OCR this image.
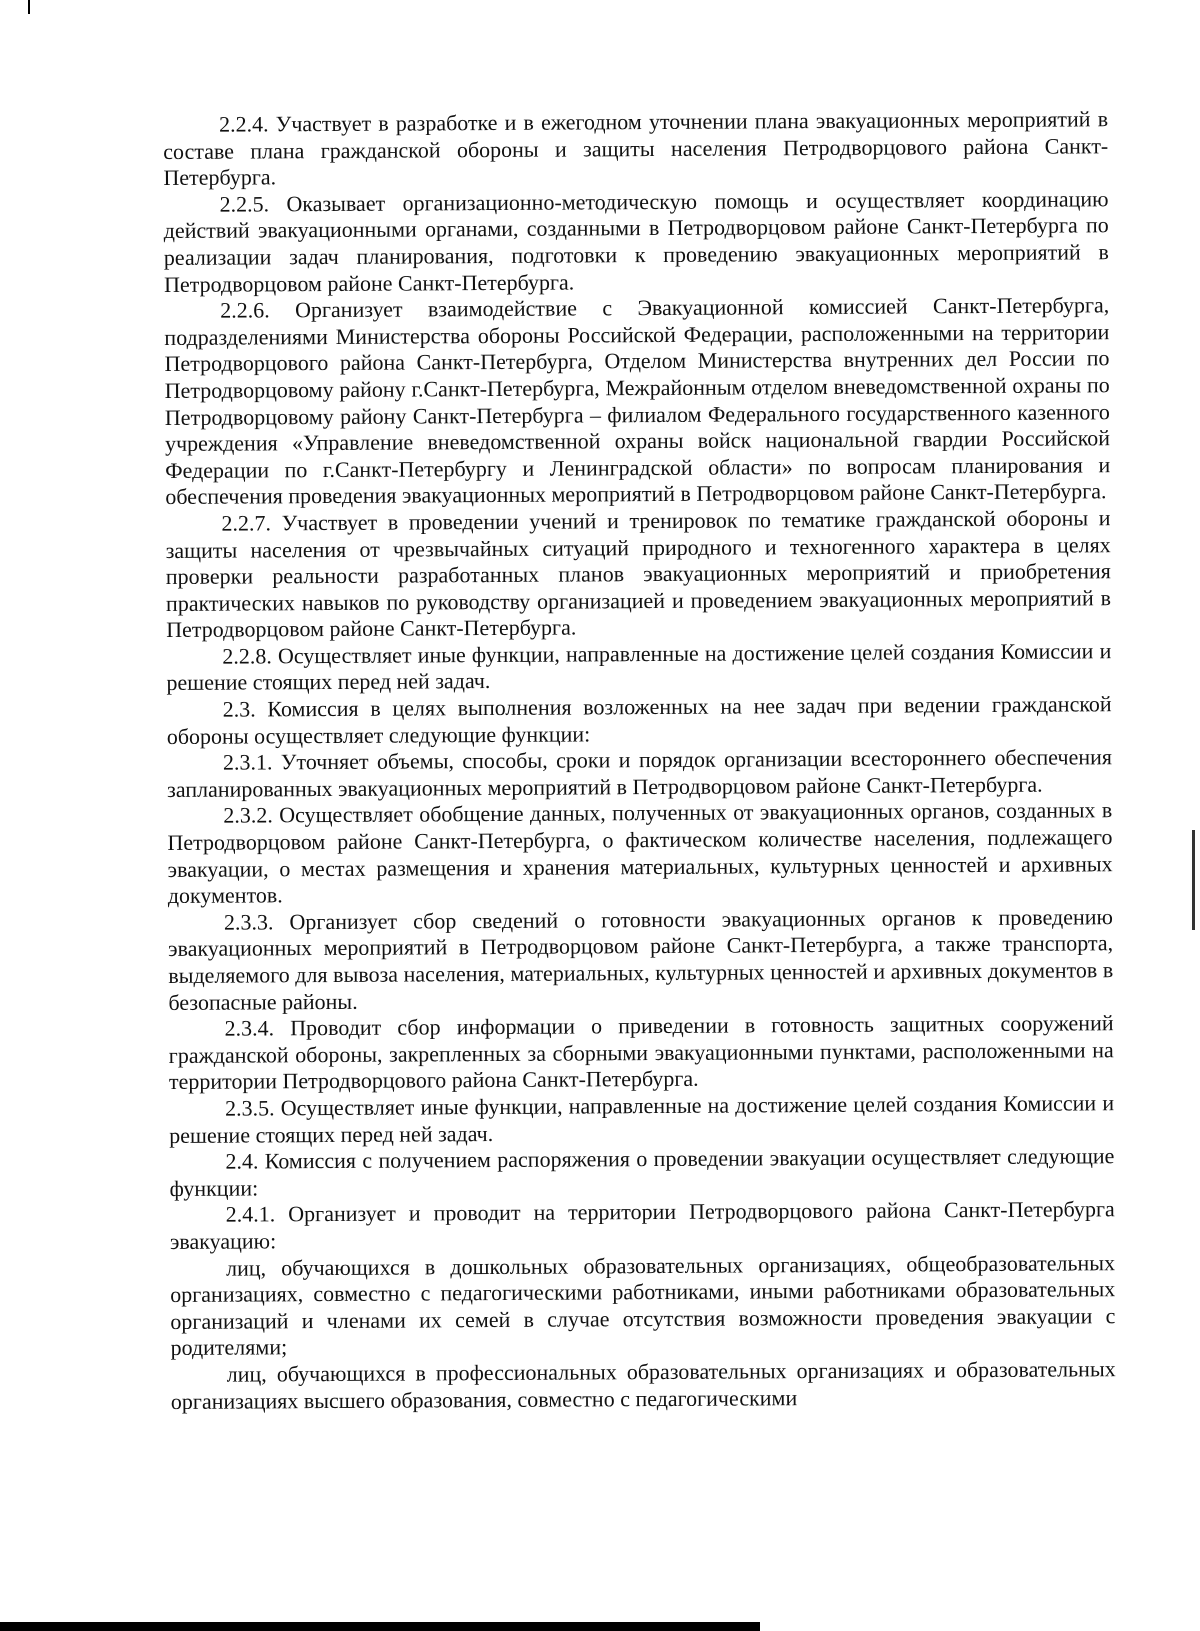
2.2.4. Участвует в разработке и в ежегодном уточнении плана эвакуационных мероприятий в составе плана гражданской обороны и защиты населения Петродворцового района Санкт-Петербурга.

2.2.5. Оказывает организационно-методическую помощь и осуществляет координацию действий эвакуационными органами, созданными в Петродворцовом районе Санкт-Петербурга по реализации задач планирования, подготовки к проведению эвакуационных мероприятий в Петродворцовом районе Санкт-Петербурга.

2.2.6. Организует взаимодействие с Эвакуационной комиссией Санкт-Петербурга, подразделениями Министерства обороны Российской Федерации, расположенными на территории Петродворцового района Санкт-Петербурга, Отделом Министерства внутренних дел России по Петродворцовому району г.Санкт-Петербурга, Межрайонным отделом вневедомственной охраны по Петродворцовому району Санкт-Петербурга – филиалом Федерального государственного казенного учреждения «Управление вневедомственной охраны войск национальной гвардии Российской Федерации по г.Санкт-Петербургу и Ленинградской области» по вопросам планирования и обеспечения проведения эвакуационных мероприятий в Петродворцовом районе Санкт-Петербурга.

2.2.7. Участвует в проведении учений и тренировок по тематике гражданской обороны и защиты населения от чрезвычайных ситуаций природного и техногенного характера в целях проверки реальности разработанных планов эвакуационных мероприятий и приобретения практических навыков по руководству организацией и проведением эвакуационных мероприятий в Петродворцовом районе Санкт-Петербурга.

2.2.8. Осуществляет иные функции, направленные на достижение целей создания Комиссии и решение стоящих перед ней задач.

2.3. Комиссия в целях выполнения возложенных на нее задач при ведении гражданской обороны осуществляет следующие функции:

2.3.1. Уточняет объемы, способы, сроки и порядок организации всестороннего обеспечения запланированных эвакуационных мероприятий в Петродворцовом районе Санкт-Петербурга.

2.3.2. Осуществляет обобщение данных, полученных от эвакуационных органов, созданных в Петродворцовом районе Санкт-Петербурга, о фактическом количестве населения, подлежащего эвакуации, о местах размещения и хранения материальных, культурных ценностей и архивных документов.

2.3.3. Организует сбор сведений о готовности эвакуационных органов к проведению эвакуационных мероприятий в Петродворцовом районе Санкт-Петербурга, а также транспорта, выделяемого для вывоза населения, материальных, культурных ценностей и архивных документов в безопасные районы.

2.3.4. Проводит сбор информации о приведении в готовность защитных сооружений гражданской обороны, закрепленных за сборными эвакуационными пунктами, расположенными на территории Петродворцового района Санкт-Петербурга.

2.3.5. Осуществляет иные функции, направленные на достижение целей создания Комиссии и решение стоящих перед ней задач.

2.4. Комиссия с получением распоряжения о проведении эвакуации осуществляет следующие функции:

2.4.1. Организует и проводит на территории Петродворцового района Санкт-Петербурга эвакуацию:

лиц, обучающихся в дошкольных образовательных организациях, общеобразовательных организациях, совместно с педагогическими работниками, иными работниками образовательных организаций и членами их семей в случае отсутствия возможности проведения эвакуации с родителями;

лиц, обучающихся в профессиональных образовательных организациях и образовательных организациях высшего образования, совместно с педагогическими
